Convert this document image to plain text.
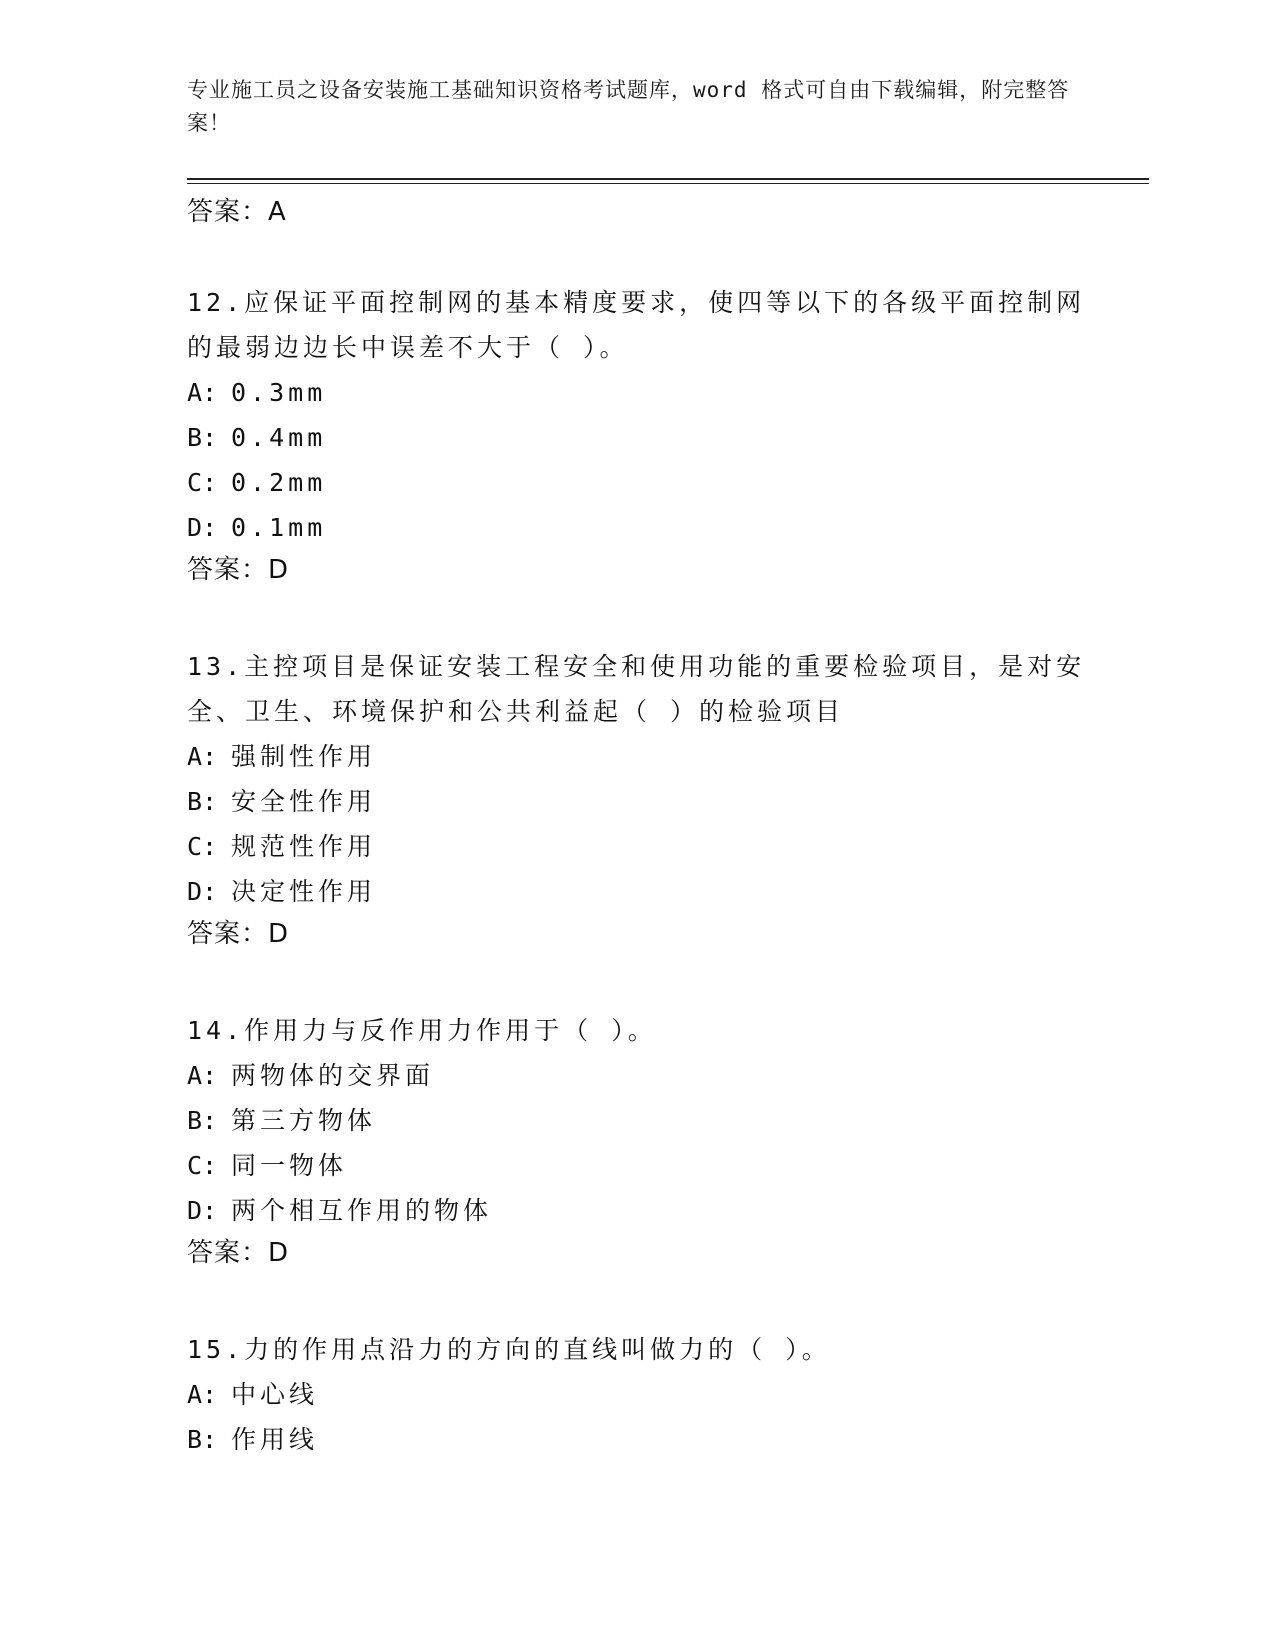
专业施工员之设备安装施工基础知识资格考试题库，word 格式可自由下载编辑，附完整答案！
答案：A

12.应保证平面控制网的基本精度要求，使四等以下的各级平面控制网的最弱边边长中误差不大于（ ）。

A: 0.3mm
B: 0.4mm
C: 0.2mm
D: 0.1mm
答案：D

13.主控项目是保证安装工程安全和使用功能的重要检验项目，是对安全、卫生、环境保护和公共利益起（ ）的检验项目

A: 强制性作用
B: 安全性作用
C: 规范性作用
D: 决定性作用
答案：D

14.作用力与反作用力作用于（ ）。

A: 两物体的交界面
B: 第三方物体
C: 同一物体
D: 两个相互作用的物体
答案：D

15.力的作用点沿力的方向的直线叫做力的（ ）。

A: 中心线
B: 作用线
